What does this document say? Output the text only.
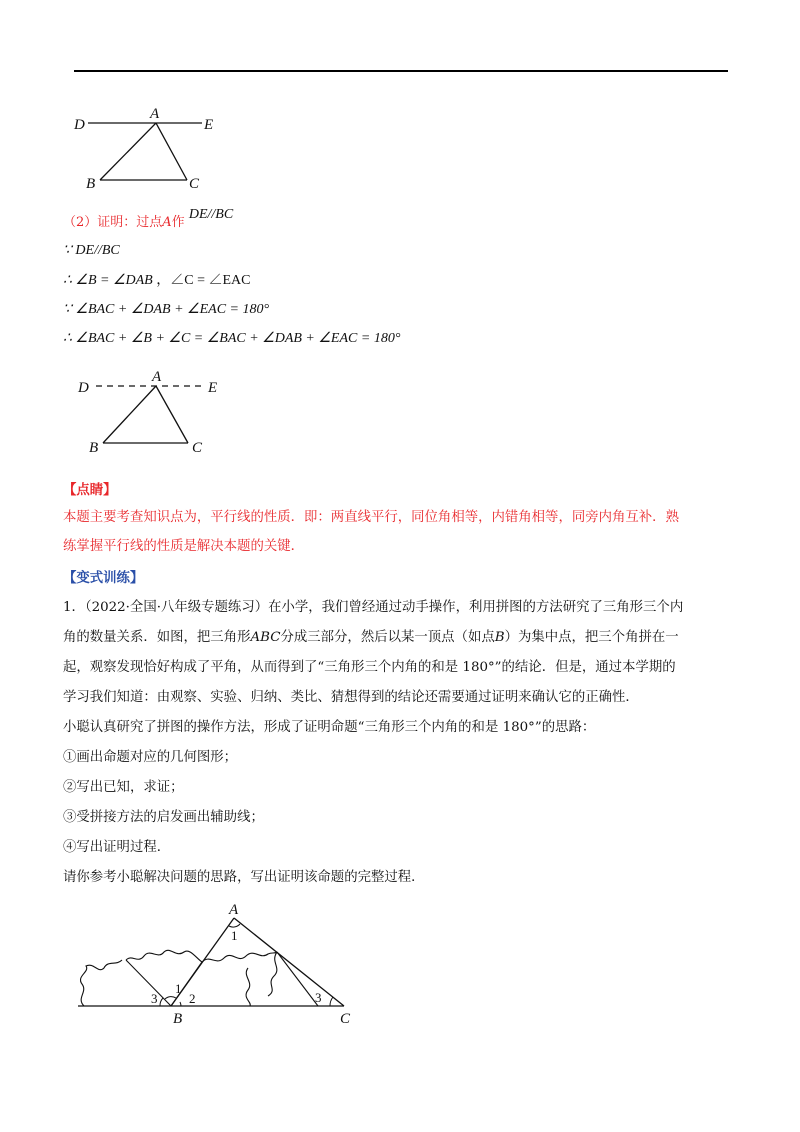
D
A
E
B	C
（2）证明：过点A作 DE//BC
∵ DE//BC
∴ ∠B = ∠DAB ，∠C = ∠EAC
∵ ∠BAC + ∠DAB + ∠EAC = 180°
∴ ∠BAC + ∠B + ∠C = ∠BAC + ∠DAB + ∠EAC = 180°
D
A
E
B	C
【点睛】
本题主要考查知识点为，平行线的性质．即：两直线平行，同位角相等，内错角相等，同旁内角互补．熟
练掌握平行线的性质是解决本题的关键．
【变式训练】
1．（2022·全国·八年级专题练习）在小学，我们曾经通过动手操作，利用拼图的方法研究了三角形三个内
角的数量关系．如图，把三角形ABC分成三部分，然后以某一顶点（如点B）为集中点，把三个角拼在一
起，观察发现恰好构成了平角，从而得到了“三角形三个内角的和是 180°”的结论．但是，通过本学期的
学习我们知道：由观察、实验、归纳、类比、猜想得到的结论还需要通过证明来确认它的正确性．
小聪认真研究了拼图的操作方法，形成了证明命题“三角形三个内角的和是 180°”的思路：
①画出命题对应的几何图形；
②写出已知，求证；
③受拼接方法的启发画出辅助线；
④写出证明过程．
请你参考小聪解决问题的思路，写出证明该命题的完整过程．
A
B	C
1
1
2
3	3
